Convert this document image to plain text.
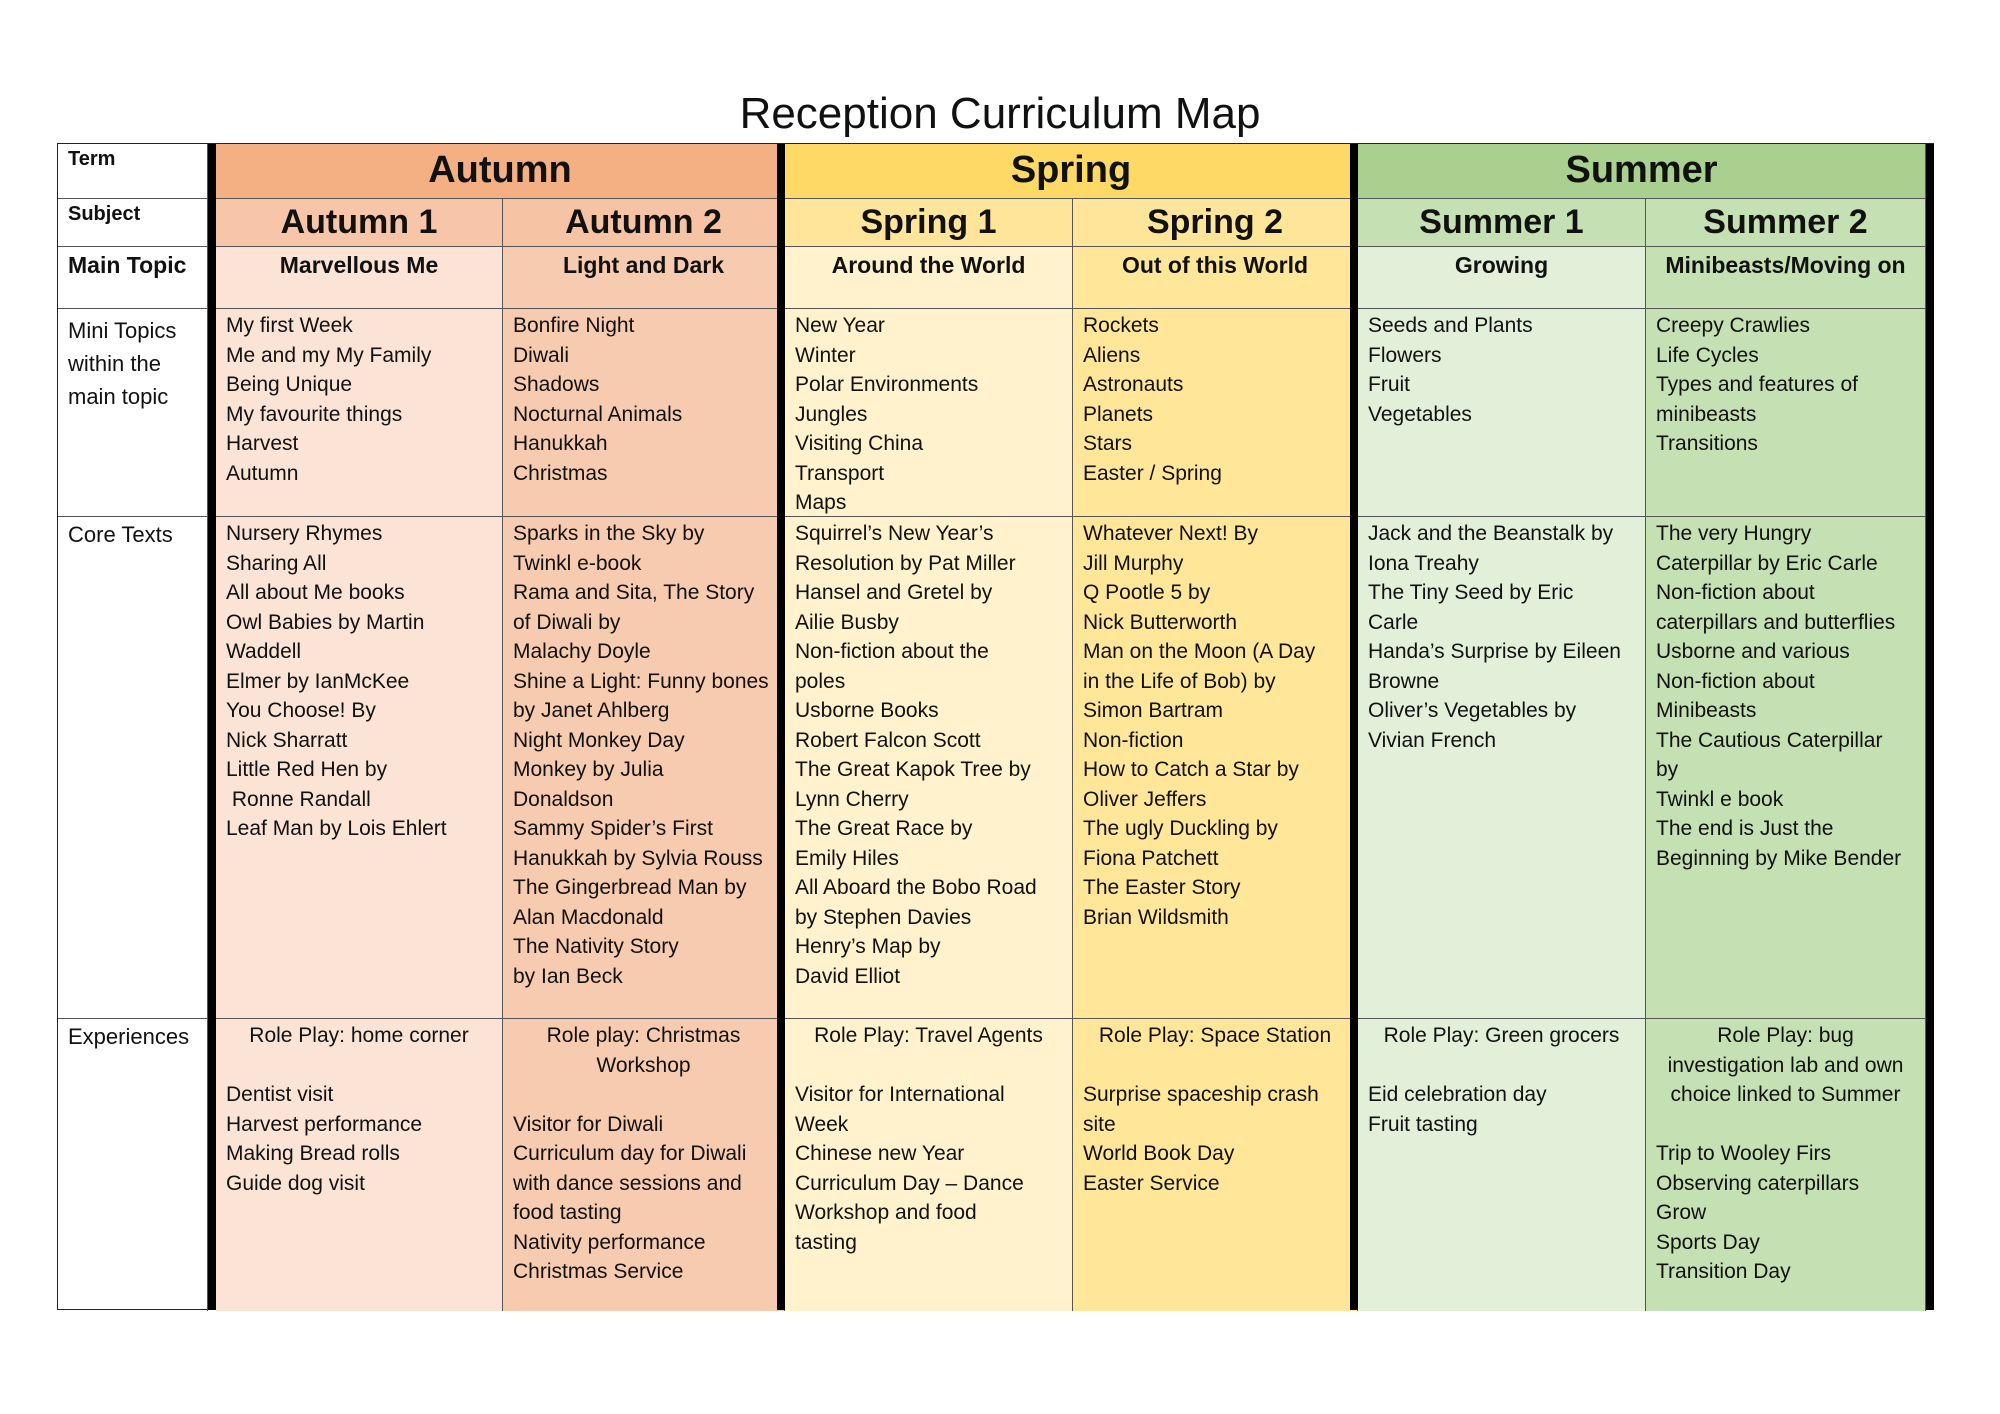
Reception Curriculum Map
Term
Subject
Main Topic
Mini Topics
within the
main topic
Core Texts
Experiences
Autumn	Spring	Summer
Autumn 1
Marvellous Me
My first Week
Me and my My Family
Being Unique
My favourite things
Harvest
Autumn
Nursery Rhymes
Sharing All
All about Me books
Owl Babies by Martin
Waddell
Elmer by IanMcKee
You Choose! By
Nick Sharratt
Little Red Hen by
Ronne Randall
Leaf Man by Lois Ehlert
Role Play: home corner
Dentist visit
Harvest performance
Making Bread rolls
Guide dog visit
Autumn 2
Light and Dark
Bonfire Night
Diwali
Shadows
Nocturnal Animals
Hanukkah
Christmas
Sparks in the Sky by
Twinkl e-book
Rama and Sita, The Story
of Diwali by
Malachy Doyle
Shine a Light: Funny bones
by Janet Ahlberg
Night Monkey Day
Monkey by Julia
Donaldson
Sammy Spider’s First
Hanukkah by Sylvia Rouss
The Gingerbread Man by
Alan Macdonald
The Nativity Story
by Ian Beck
Role play: Christmas
Workshop
Visitor for Diwali
Curriculum day for Diwali
with dance sessions and
food tasting
Nativity performance
Christmas Service
Spring 1
Around the World
New Year
Winter
Polar Environments
Jungles
Visiting China
Transport
Maps
Squirrel’s New Year’s
Resolution by Pat Miller
Hansel and Gretel by
Ailie Busby
Non-fiction about the
poles
Usborne Books
Robert Falcon Scott
The Great Kapok Tree by
Lynn Cherry
The Great Race by
Emily Hiles
All Aboard the Bobo Road
by Stephen Davies
Henry’s Map by
David Elliot
Role Play: Travel Agents
Visitor for International
Week
Chinese new Year
Curriculum Day – Dance
Workshop and food
tasting
Spring 2
Out of this World
Rockets
Aliens
Astronauts
Planets
Stars
Easter / Spring
Whatever Next! By
Jill Murphy
Q Pootle 5 by
Nick Butterworth
Man on the Moon (A Day
in the Life of Bob) by
Simon Bartram
Non-fiction
How to Catch a Star by
Oliver Jeffers
The ugly Duckling by
Fiona Patchett
The Easter Story
Brian Wildsmith
Role Play: Space Station
Surprise spaceship crash
site
World Book Day
Easter Service
Summer 1
Growing
Seeds and Plants
Flowers
Fruit
Vegetables
Jack and the Beanstalk by
Iona Treahy
The Tiny Seed by Eric
Carle
Handa’s Surprise by Eileen
Browne
Oliver’s Vegetables by
Vivian French
Role Play: Green grocers
Eid celebration day
Fruit tasting
Summer 2
Minibeasts/Moving on
Creepy Crawlies
Life Cycles
Types and features of
minibeasts
Transitions
The very Hungry
Caterpillar by Eric Carle
Non-fiction about
caterpillars and butterflies
Usborne and various
Non-fiction about
Minibeasts
The Cautious Caterpillar
by
Twinkl e book
The end is Just the
Beginning by Mike Bender
Role Play: bug
investigation lab and own
choice linked to Summer
Trip to Wooley Firs
Observing caterpillars
Grow
Sports Day
Transition Day
